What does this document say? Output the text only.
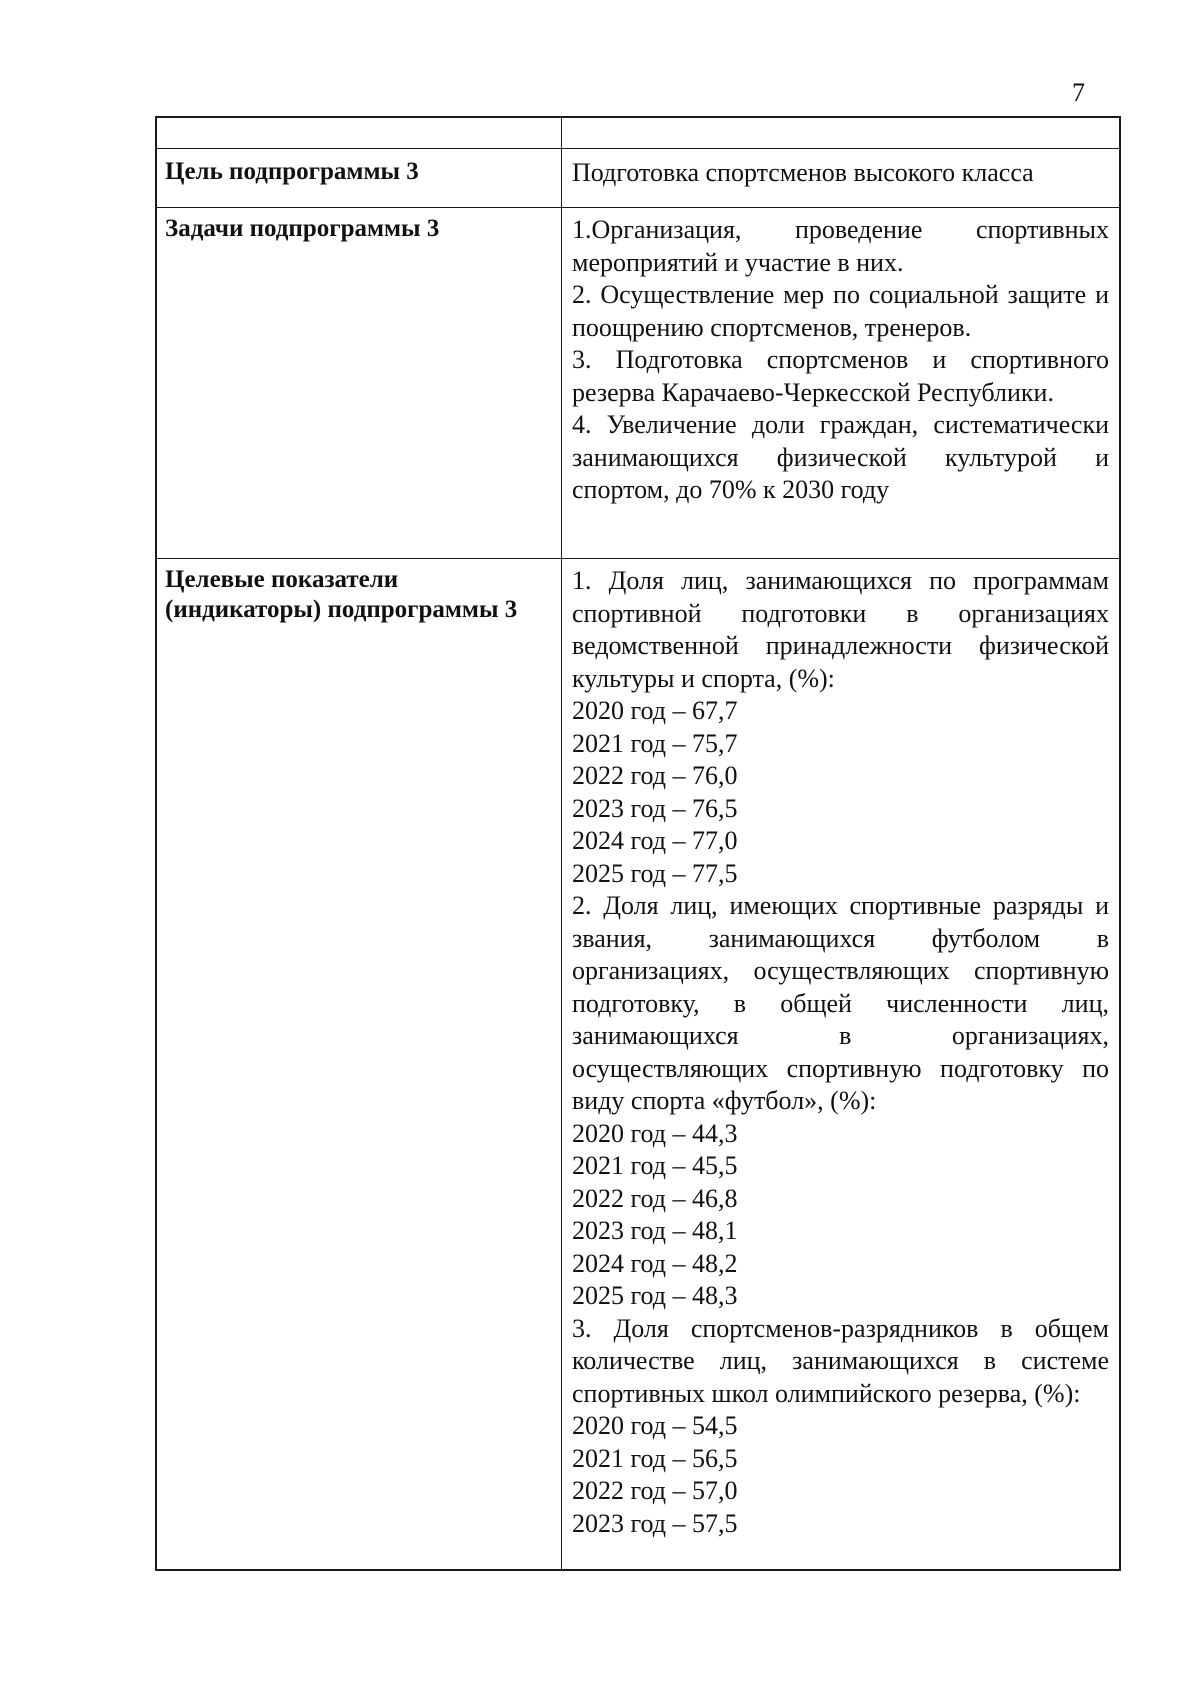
7
Цель подпрограммы 3	Подготовка спортсменов высокого класса
Задачи подпрограммы 3	1.Организация, проведение спортивных мероприятий и участие в них.

2. Осуществление мер по социальной защите и поощрению спортсменов, тренеров.

3. Подготовка спортсменов и спортивного резерва Карачаево-Черкесской Республики.

4. Увеличение доли граждан, систематически занимающихся физической культурой и спортом, до 70% к 2030 году

Целевые показатели (индикаторы) подпрограммы 3

1. Доля лиц, занимающихся по программам спортивной подготовки в организациях ведомственной принадлежности физической культуры и спорта, (%):

2020 год – 67,7

2021 год – 75,7

2022 год – 76,0

2023 год – 76,5

2024 год – 77,0

2025 год – 77,5

2. Доля лиц, имеющих спортивные разряды и звания, занимающихся футболом в организациях, осуществляющих спортивную подготовку, в общей численности лиц, занимающихся в организациях, осуществляющих спортивную подготовку по виду спорта «футбол», (%):

2020 год – 44,3

2021 год – 45,5

2022 год – 46,8

2023 год – 48,1

2024 год – 48,2

2025 год – 48,3

3. Доля спортсменов-разрядников в общем количестве лиц, занимающихся в системе спортивных школ олимпийского резерва, (%):

2020 год – 54,5

2021 год – 56,5

2022 год – 57,0

2023 год – 57,5
